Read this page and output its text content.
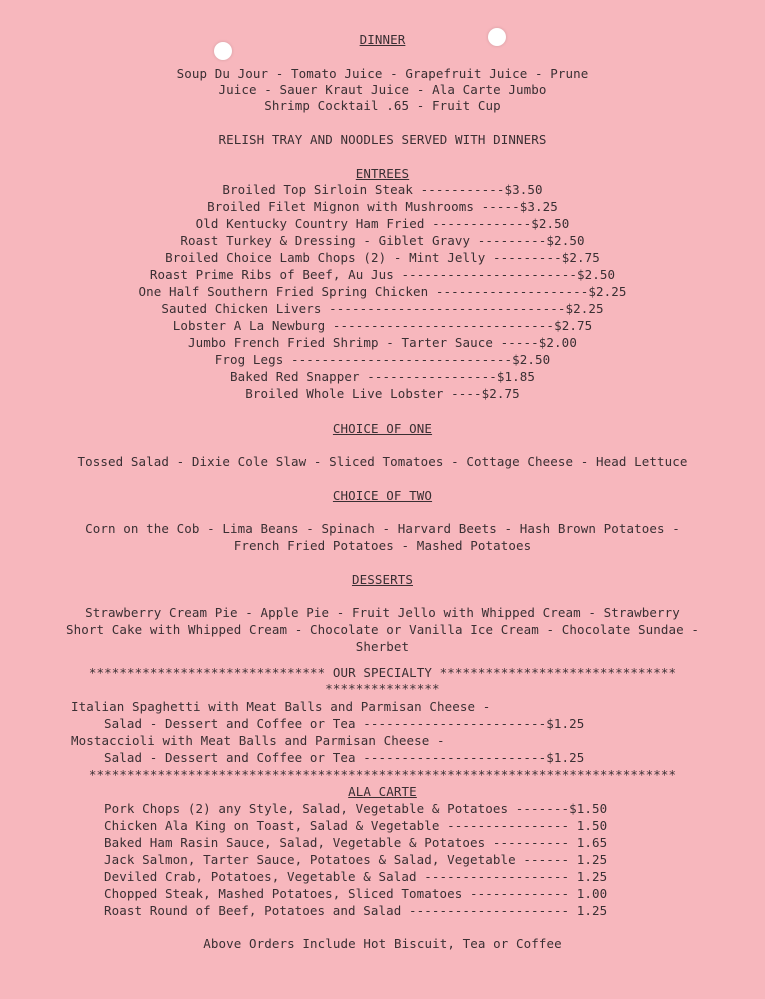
DINNER
Soup Du Jour - Tomato Juice - Grapefruit Juice - Prune
Juice - Sauer Kraut Juice - Ala Carte Jumbo
Shrimp Cocktail .65 - Fruit Cup
RELISH TRAY AND NOODLES SERVED WITH DINNERS
ENTREES
Broiled Top Sirloin Steak -----------$3.50
Broiled Filet Mignon with Mushrooms -----$3.25
Old Kentucky Country Ham Fried -------------$2.50
Roast Turkey & Dressing - Giblet Gravy ---------$2.50
Broiled Choice Lamb Chops (2) - Mint Jelly ---------$2.75
Roast Prime Ribs of Beef, Au Jus -----------------------$2.50
One Half Southern Fried Spring Chicken --------------------$2.25
Sauted Chicken Livers -------------------------------$2.25
Lobster A La Newburg -----------------------------$2.75
Jumbo French Fried Shrimp - Tarter Sauce -----$2.00
Frog Legs -----------------------------$2.50
Baked Red Snapper -----------------$1.85
Broiled Whole Live Lobster ----$2.75
CHOICE OF ONE
Tossed Salad - Dixie Cole Slaw - Sliced Tomatoes - Cottage Cheese - Head Lettuce
CHOICE OF TWO
Corn on the Cob - Lima Beans - Spinach - Harvard Beets - Hash Brown Potatoes -
French Fried Potatoes - Mashed Potatoes
DESSERTS
Strawberry Cream Pie - Apple Pie - Fruit Jello with Whipped Cream - Strawberry
Short Cake with Whipped Cream - Chocolate or Vanilla Ice Cream - Chocolate Sundae -
Sherbet
******************************* OUR SPECIALTY *******************************
***************
Italian Spaghetti with Meat Balls and Parmisan Cheese -
Salad - Dessert and Coffee or Tea ------------------------$1.25
Mostaccioli with Meat Balls and Parmisan Cheese -
Salad - Dessert and Coffee or Tea ------------------------$1.25
*****************************************************************************
ALA CARTE
Pork Chops (2) any Style, Salad, Vegetable & Potatoes -------$1.50
Chicken Ala King on Toast, Salad & Vegetable ---------------- 1.50
Baked Ham Rasin Sauce, Salad, Vegetable & Potatoes ---------- 1.65
Jack Salmon, Tarter Sauce, Potatoes & Salad, Vegetable ------ 1.25
Deviled Crab, Potatoes, Vegetable & Salad ------------------- 1.25
Chopped Steak, Mashed Potatoes, Sliced Tomatoes ------------- 1.00
Roast Round of Beef, Potatoes and Salad --------------------- 1.25
Above Orders Include Hot Biscuit, Tea or Coffee
